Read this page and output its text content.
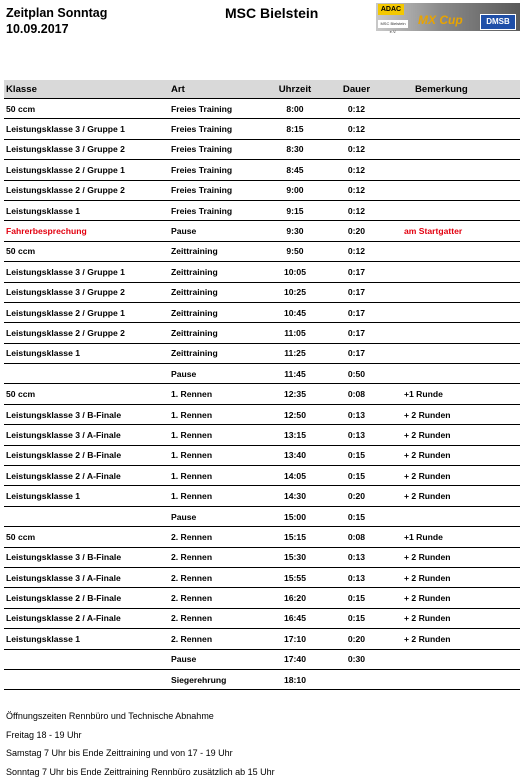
Zeitplan Sonntag
10.09.2017
MSC Bielstein	ADAC
MSC Bielstein e.V.
MX Cup	DMSB
Klasse	Art	Uhrzeit	Dauer	Bemerkung
50 ccm	Freies Training	8:00	0:12	
Leistungsklasse 3 / Gruppe 1	Freies Training	8:15	0:12	
Leistungsklasse 3 / Gruppe 2	Freies Training	8:30	0:12	
Leistungsklasse 2 / Gruppe 1	Freies Training	8:45	0:12	
Leistungsklasse 2 / Gruppe 2	Freies Training	9:00	0:12	
Leistungsklasse 1	Freies Training	9:15	0:12	
Fahrerbesprechung	Pause	9:30	0:20	am Startgatter
50 ccm	Zeittraining	9:50	0:12	
Leistungsklasse 3 / Gruppe 1	Zeittraining	10:05	0:17	
Leistungsklasse 3 / Gruppe 2	Zeittraining	10:25	0:17	
Leistungsklasse 2 / Gruppe 1	Zeittraining	10:45	0:17	
Leistungsklasse 2 / Gruppe 2	Zeittraining	11:05	0:17	
Leistungsklasse 1	Zeittraining	11:25	0:17	
	Pause	11:45	0:50	
50 ccm	1. Rennen	12:35	0:08	+1 Runde
Leistungsklasse 3 / B-Finale	1. Rennen	12:50	0:13	+ 2 Runden
Leistungsklasse 3 / A-Finale	1. Rennen	13:15	0:13	+ 2 Runden
Leistungsklasse 2 / B-Finale	1. Rennen	13:40	0:15	+ 2 Runden
Leistungsklasse 2 / A-Finale	1. Rennen	14:05	0:15	+ 2 Runden
Leistungsklasse 1	1. Rennen	14:30	0:20	+ 2 Runden
	Pause	15:00	0:15	
50 ccm	2. Rennen	15:15	0:08	+1 Runde
Leistungsklasse 3 / B-Finale	2. Rennen	15:30	0:13	+ 2 Runden
Leistungsklasse 3 / A-Finale	2. Rennen	15:55	0:13	+ 2 Runden
Leistungsklasse 2 / B-Finale	2. Rennen	16:20	0:15	+ 2 Runden
Leistungsklasse 2 / A-Finale	2. Rennen	16:45	0:15	+ 2 Runden
Leistungsklasse 1	2. Rennen	17:10	0:20	+ 2 Runden
	Pause	17:40	0:30	
	Siegerehrung	18:10		
Öffnungszeiten Rennbüro und Technische Abnahme
Freitag 18 - 19 Uhr
Samstag 7 Uhr bis Ende Zeittraining und von 17 - 19 Uhr
Sonntag 7 Uhr bis Ende Zeittraining Rennbüro zusätzlich ab 15 Uhr
